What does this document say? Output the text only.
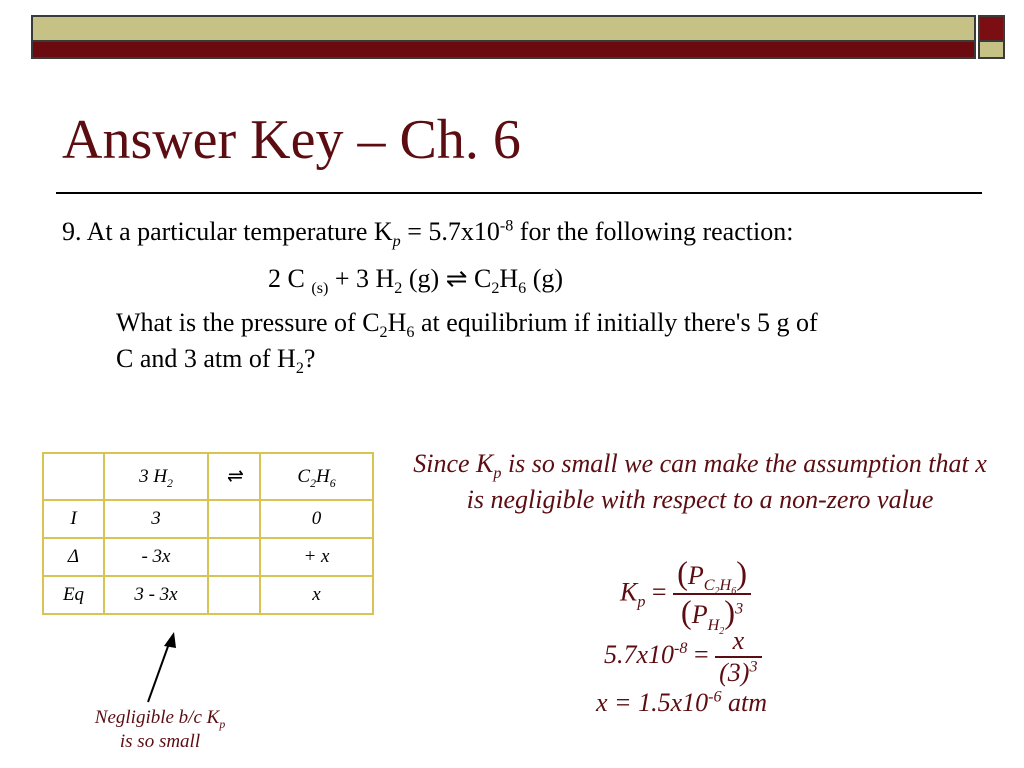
Answer Key – Ch. 6
9. At a particular temperature $K_p = 5.7x10^{-8}$ for the following reaction:
2 C $_{(s)}$ + 3 $H_2$ (g) ⇌ $C_2H_6$ (g)
What is the pressure of $C_2H_6$ at equilibrium if initially there's 5 g of
C and 3 atm of $H_2$?
	3 $H_2$	⇌	$C_2H_6$
I	3		0
Δ	- 3x		+ x
Eq	3 - 3x		x
Negligible b/c $K_p$
is so small
Since $K_p$ is so small we can make the assumption that x is negligible with respect to a non-zero value
$K_p = \frac{(P_{C_2H_6})}{(P_{H_2})^3}$
$5.7x10^{-8} = \frac{x}{(3)^3}$
$x = 1.5x10^{-6}$ atm
